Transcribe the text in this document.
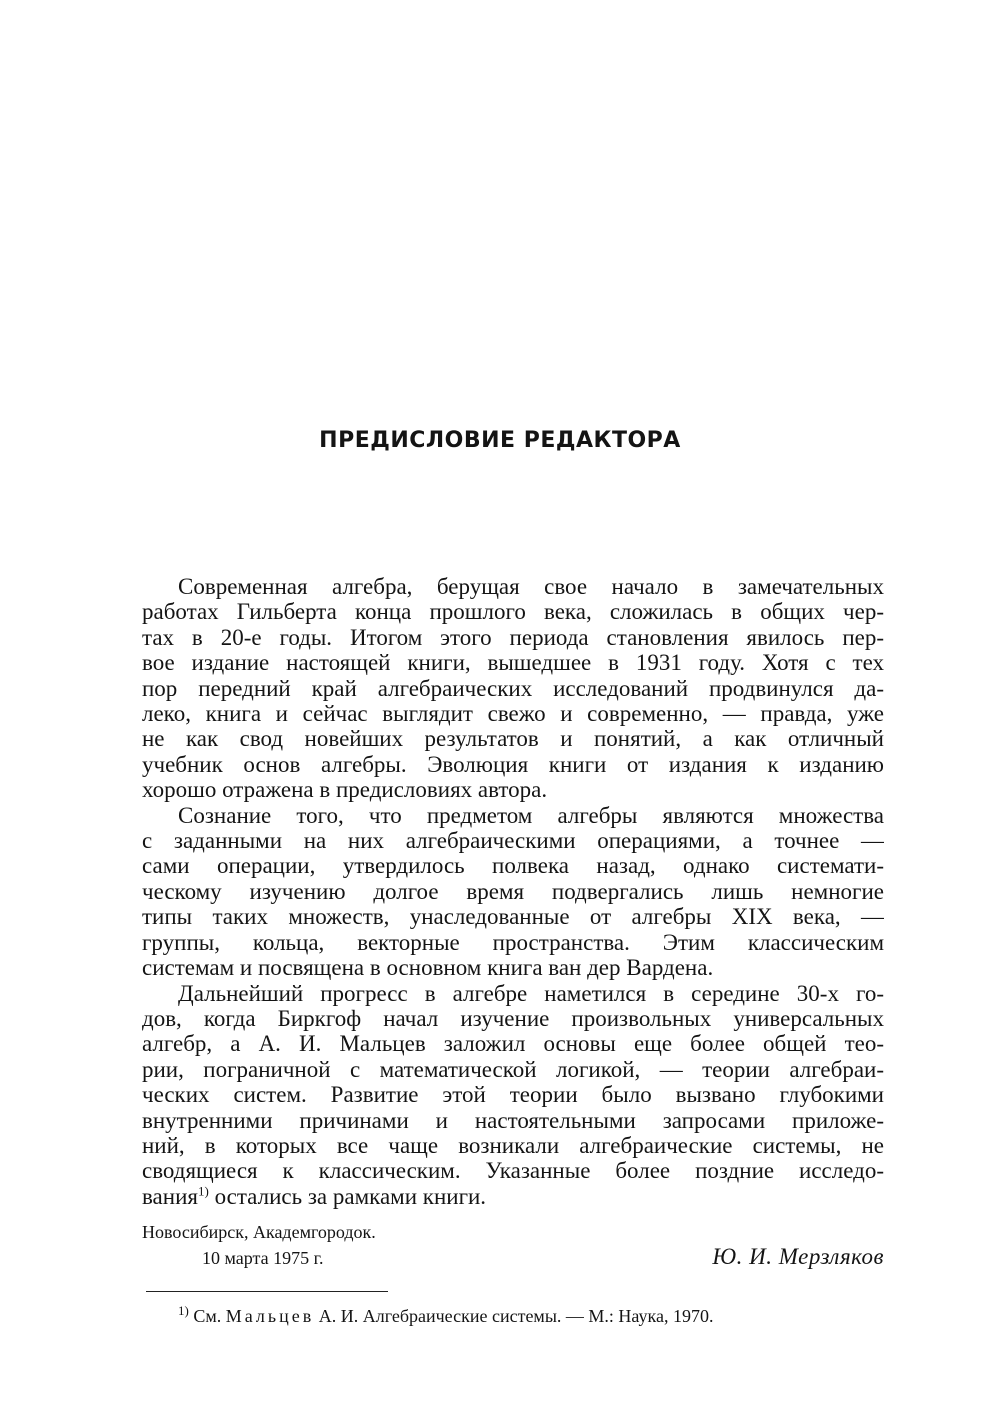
ПРЕДИСЛОВИЕ РЕДАКТОРА

Современная алгебра, берущая свое начало в замечательных
работах Гильберта конца прошлого века, сложилась в общих чер-
тах в 20-е годы. Итогом этого периода становления явилось пер-
вое издание настоящей книги, вышедшее в 1931 году. Хотя с тех
пор передний край алгебраических исследований продвинулся да-
леко, книга и сейчас выглядит свежо и современно, — правда, уже
не как свод новейших результатов и понятий, а как отличный
учебник основ алгебры. Эволюция книги от издания к изданию
хорошо отражена в предисловиях автора.

Сознание того, что предметом алгебры являются множества
с заданными на них алгебраическими операциями, а точнее —
сами операции, утвердилось полвека назад, однако системати-
ческому изучению долгое время подвергались лишь немногие
типы таких множеств, унаследованные от алгебры XIX века, —
группы, кольца, векторные пространства. Этим классическим
системам и посвящена в основном книга ван дер Вардена.

Дальнейший прогресс в алгебре наметился в середине 30-х го-
дов, когда Биркгоф начал изучение произвольных универсальных
алгебр, а А. И. Мальцев заложил основы еще более общей тео-
рии, пограничной с математической логикой, — теории алгебраи-
ческих систем. Развитие этой теории было вызвано глубокими
внутренними причинами и настоятельными запросами приложе-
ний, в которых все чаще возникали алгебраические системы, не
сводящиеся к классическим. Указанные более поздние исследо-
вания$^{1)}$ остались за рамками книги.

Новосибирск, Академгородок.
10 марта 1975 г.	Ю. И. Мерзляков
$^{1)}$ См. Мальцев А. И. Алгебраические системы. — М.: Наука, 1970.
